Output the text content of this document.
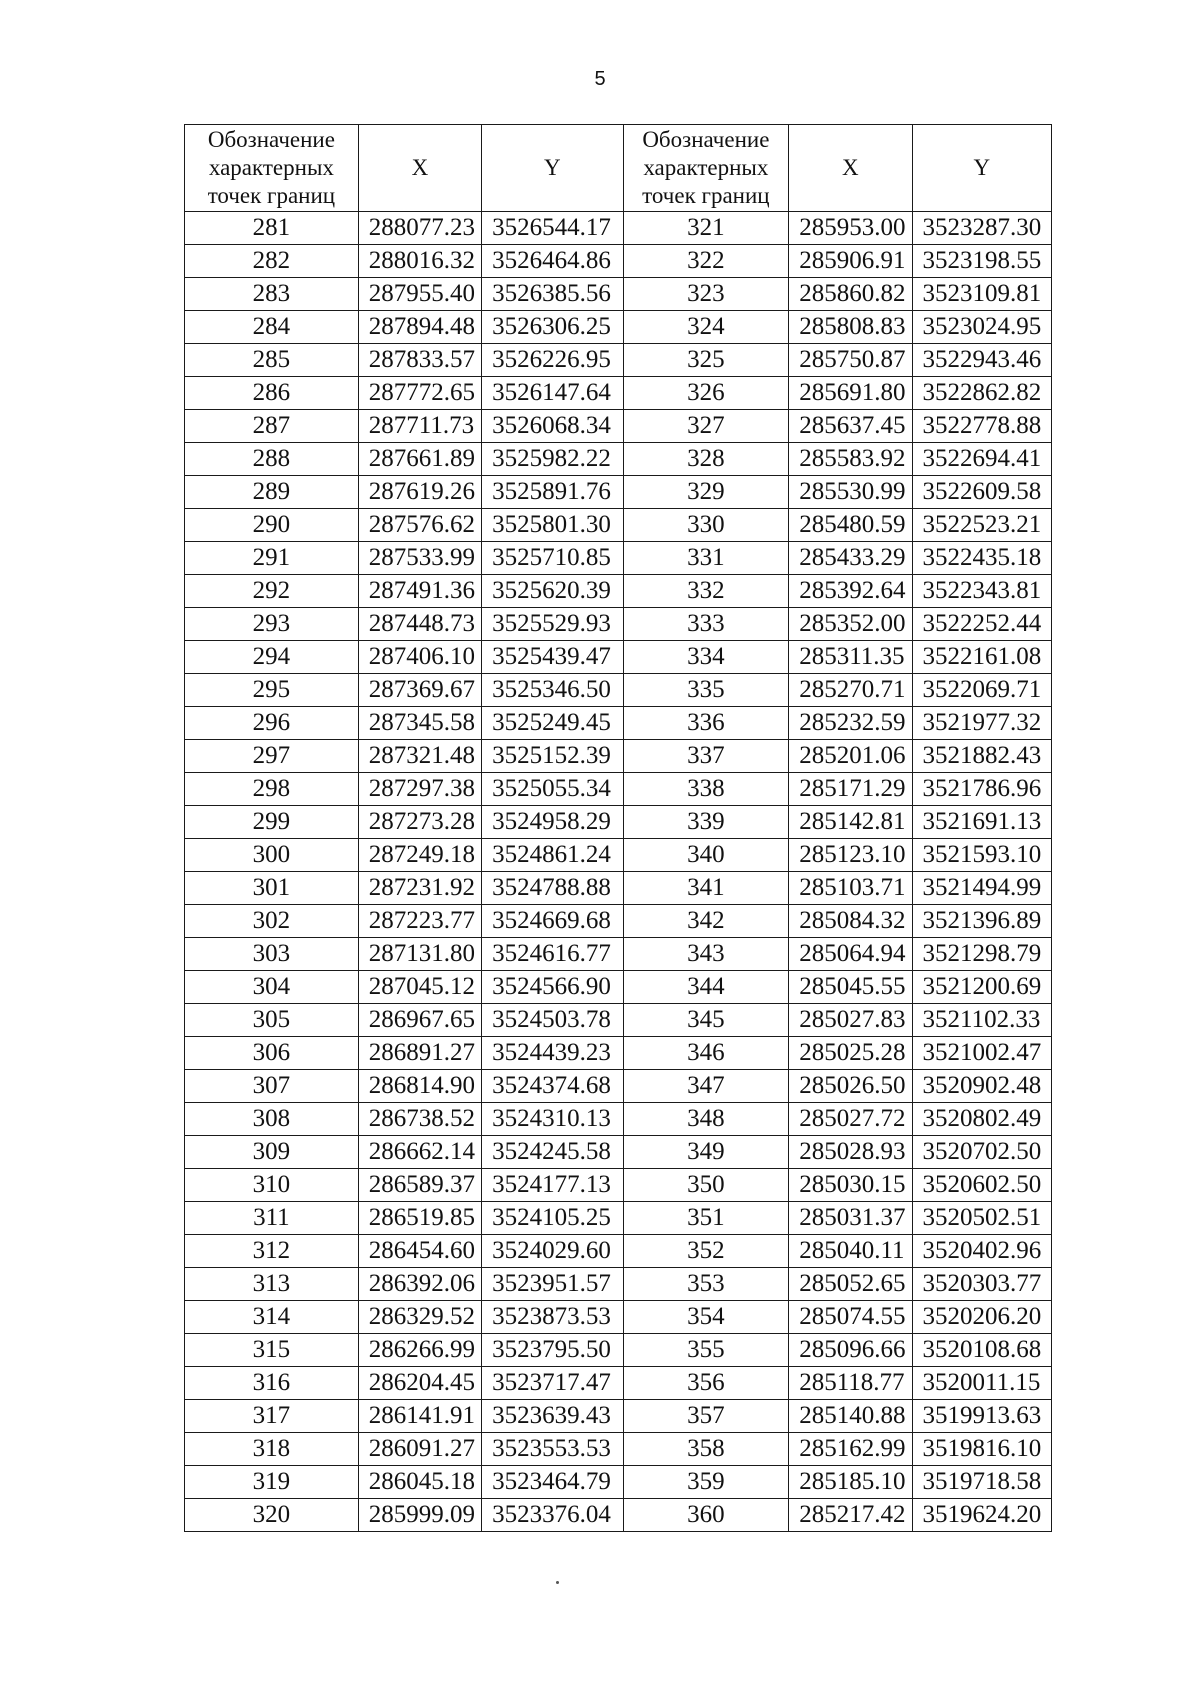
5
Обозначение характерных точек границ	X	Y	Обозначение характерных точек границ	X	Y
281	288077.23	3526544.17	321	285953.00	3523287.30
282	288016.32	3526464.86	322	285906.91	3523198.55
283	287955.40	3526385.56	323	285860.82	3523109.81
284	287894.48	3526306.25	324	285808.83	3523024.95
285	287833.57	3526226.95	325	285750.87	3522943.46
286	287772.65	3526147.64	326	285691.80	3522862.82
287	287711.73	3526068.34	327	285637.45	3522778.88
288	287661.89	3525982.22	328	285583.92	3522694.41
289	287619.26	3525891.76	329	285530.99	3522609.58
290	287576.62	3525801.30	330	285480.59	3522523.21
291	287533.99	3525710.85	331	285433.29	3522435.18
292	287491.36	3525620.39	332	285392.64	3522343.81
293	287448.73	3525529.93	333	285352.00	3522252.44
294	287406.10	3525439.47	334	285311.35	3522161.08
295	287369.67	3525346.50	335	285270.71	3522069.71
296	287345.58	3525249.45	336	285232.59	3521977.32
297	287321.48	3525152.39	337	285201.06	3521882.43
298	287297.38	3525055.34	338	285171.29	3521786.96
299	287273.28	3524958.29	339	285142.81	3521691.13
300	287249.18	3524861.24	340	285123.10	3521593.10
301	287231.92	3524788.88	341	285103.71	3521494.99
302	287223.77	3524669.68	342	285084.32	3521396.89
303	287131.80	3524616.77	343	285064.94	3521298.79
304	287045.12	3524566.90	344	285045.55	3521200.69
305	286967.65	3524503.78	345	285027.83	3521102.33
306	286891.27	3524439.23	346	285025.28	3521002.47
307	286814.90	3524374.68	347	285026.50	3520902.48
308	286738.52	3524310.13	348	285027.72	3520802.49
309	286662.14	3524245.58	349	285028.93	3520702.50
310	286589.37	3524177.13	350	285030.15	3520602.50
311	286519.85	3524105.25	351	285031.37	3520502.51
312	286454.60	3524029.60	352	285040.11	3520402.96
313	286392.06	3523951.57	353	285052.65	3520303.77
314	286329.52	3523873.53	354	285074.55	3520206.20
315	286266.99	3523795.50	355	285096.66	3520108.68
316	286204.45	3523717.47	356	285118.77	3520011.15
317	286141.91	3523639.43	357	285140.88	3519913.63
318	286091.27	3523553.53	358	285162.99	3519816.10
319	286045.18	3523464.79	359	285185.10	3519718.58
320	285999.09	3523376.04	360	285217.42	3519624.20
